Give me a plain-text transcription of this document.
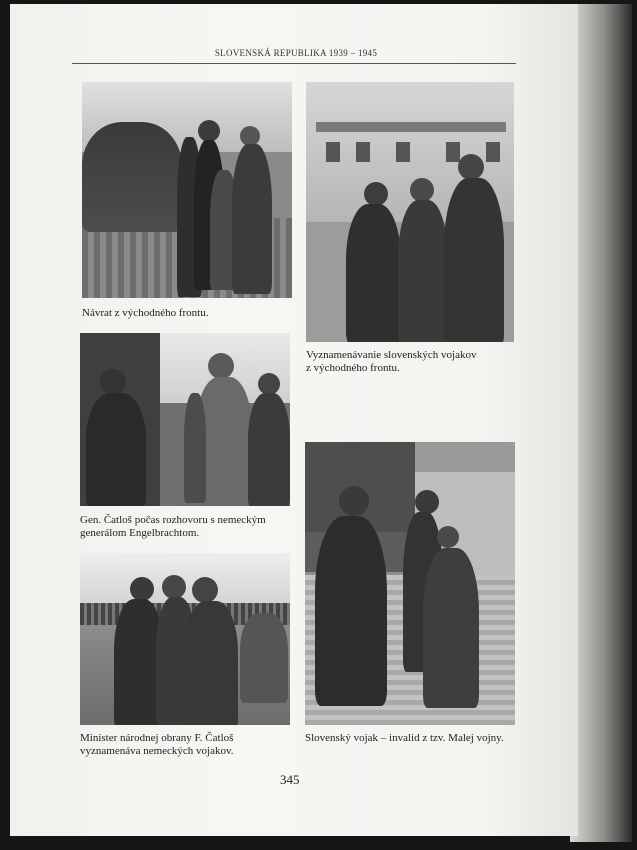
SLOVENSKÁ REPUBLIKA 1939 – 1945
Návrat z východného frontu.
Vyznamenávanie slovenských vojakov
z východného frontu.
Gen. Čatloš počas rozhovoru s nemeckým
generálom Engelbrachtom.
Slovenský vojak – invalid z tzv. Malej vojny.
Minister národnej obrany F. Čatloš
vyznamenáva nemeckých vojakov.
345
